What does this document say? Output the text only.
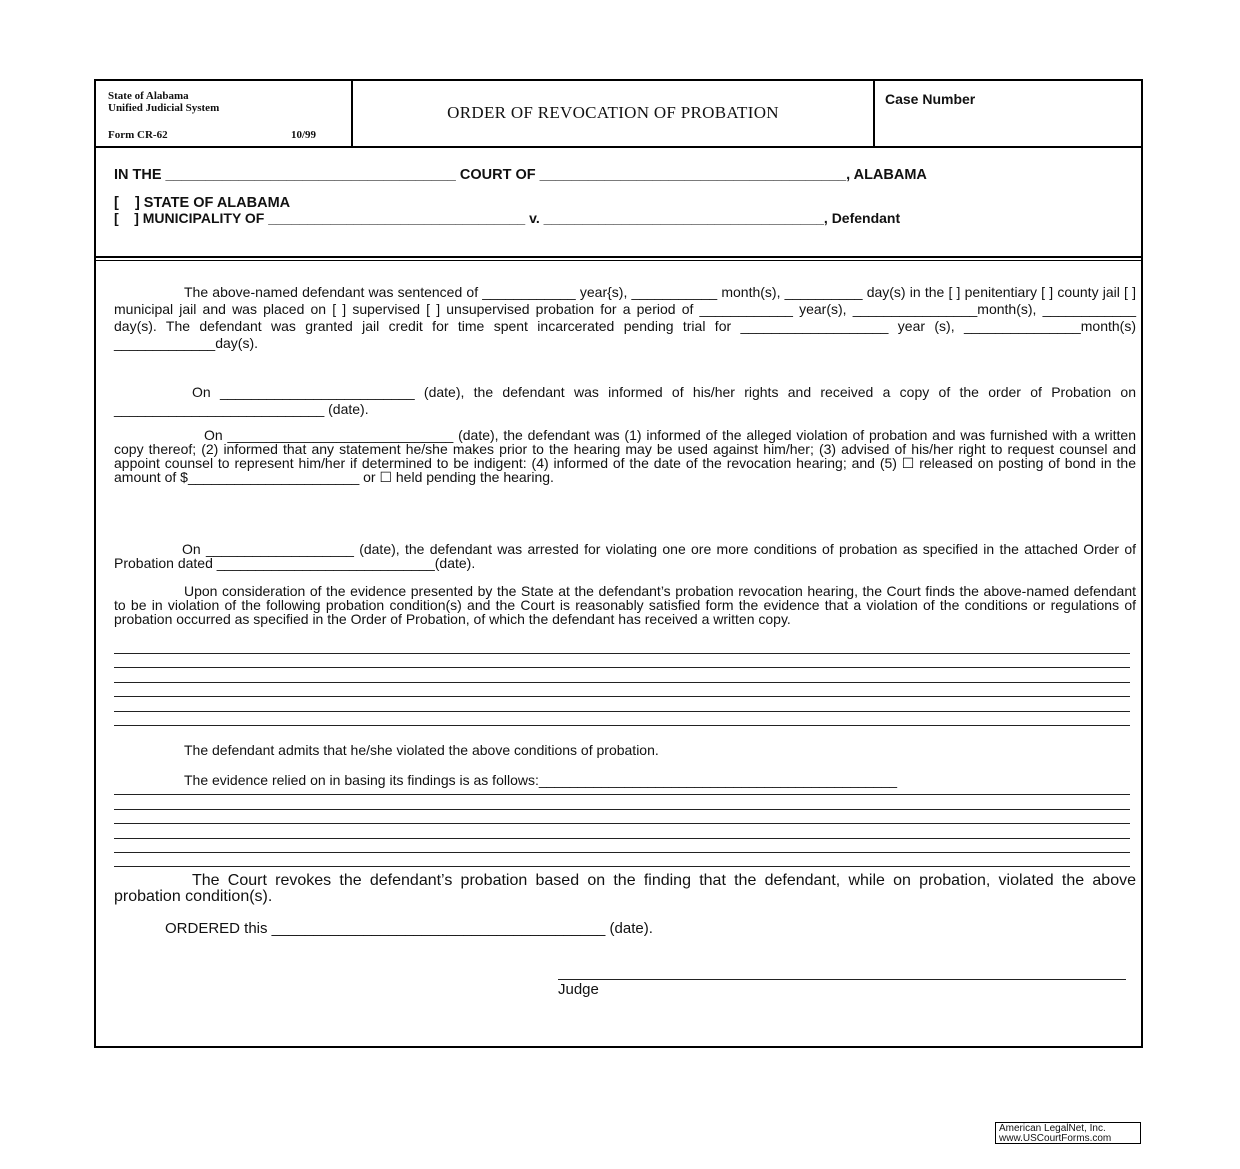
State of Alabama
Unified Judicial System
Form CR-62	10/99
ORDER OF REVOCATION OF PROBATION
Case Number
IN THE ____________________________________ COURT OF ______________________________________, ALABAMA
[    ] STATE OF ALABAMA
[    ] MUNICIPALITY OF _________________________________ v. ____________________________________, Defendant
The above-named defendant was sentenced of ____________ year{s), ___________ month(s), __________ day(s) in the [ ] penitentiary [ ] county jail [ ] municipal jail and was placed on [ ] supervised [ ] unsupervised probation for a period of ____________ year(s), ________________month(s), ____________ day(s). The defendant was granted jail credit for time spent incarcerated pending trial for ___________________ year (s), _______________month(s) _____________day(s).
On _________________________ (date), the defendant was informed of his/her rights and received a copy of the order of Probation on ___________________________ (date).
On _____________________________ (date), the defendant was (1) informed of the alleged violation of probation and was furnished with a written copy thereof; (2) informed that any statement he/she makes prior to the hearing may be used against him/her; (3) advised of his/her right to request counsel and appoint counsel to represent him/her if determined to be indigent: (4) informed of the date of the revocation hearing; and (5) ☐ released on posting of bond in the amount of $______________________ or ☐ held pending the hearing.
On ___________________ (date), the defendant was arrested for violating one ore more conditions of probation as specified in the attached Order of Probation dated ____________________________(date).
Upon consideration of the evidence presented by the State at the defendant’s probation revocation hearing, the Court finds the above-named defendant to be in violation of the following probation condition(s) and the Court is reasonably satisfied form the evidence that a violation of the conditions or regulations of probation occurred as specified in the Order of Probation, of which the defendant has received a written copy.
The defendant admits that he/she violated the above conditions of probation.
The evidence relied on in basing its findings is as follows:______________________________________________
The Court revokes the defendant’s probation based on the finding that the defendant, while on probation, violated the above probation condition(s).
ORDERED this ________________________________________ (date).
Judge
American LegalNet, Inc.
www.USCourtForms.com
